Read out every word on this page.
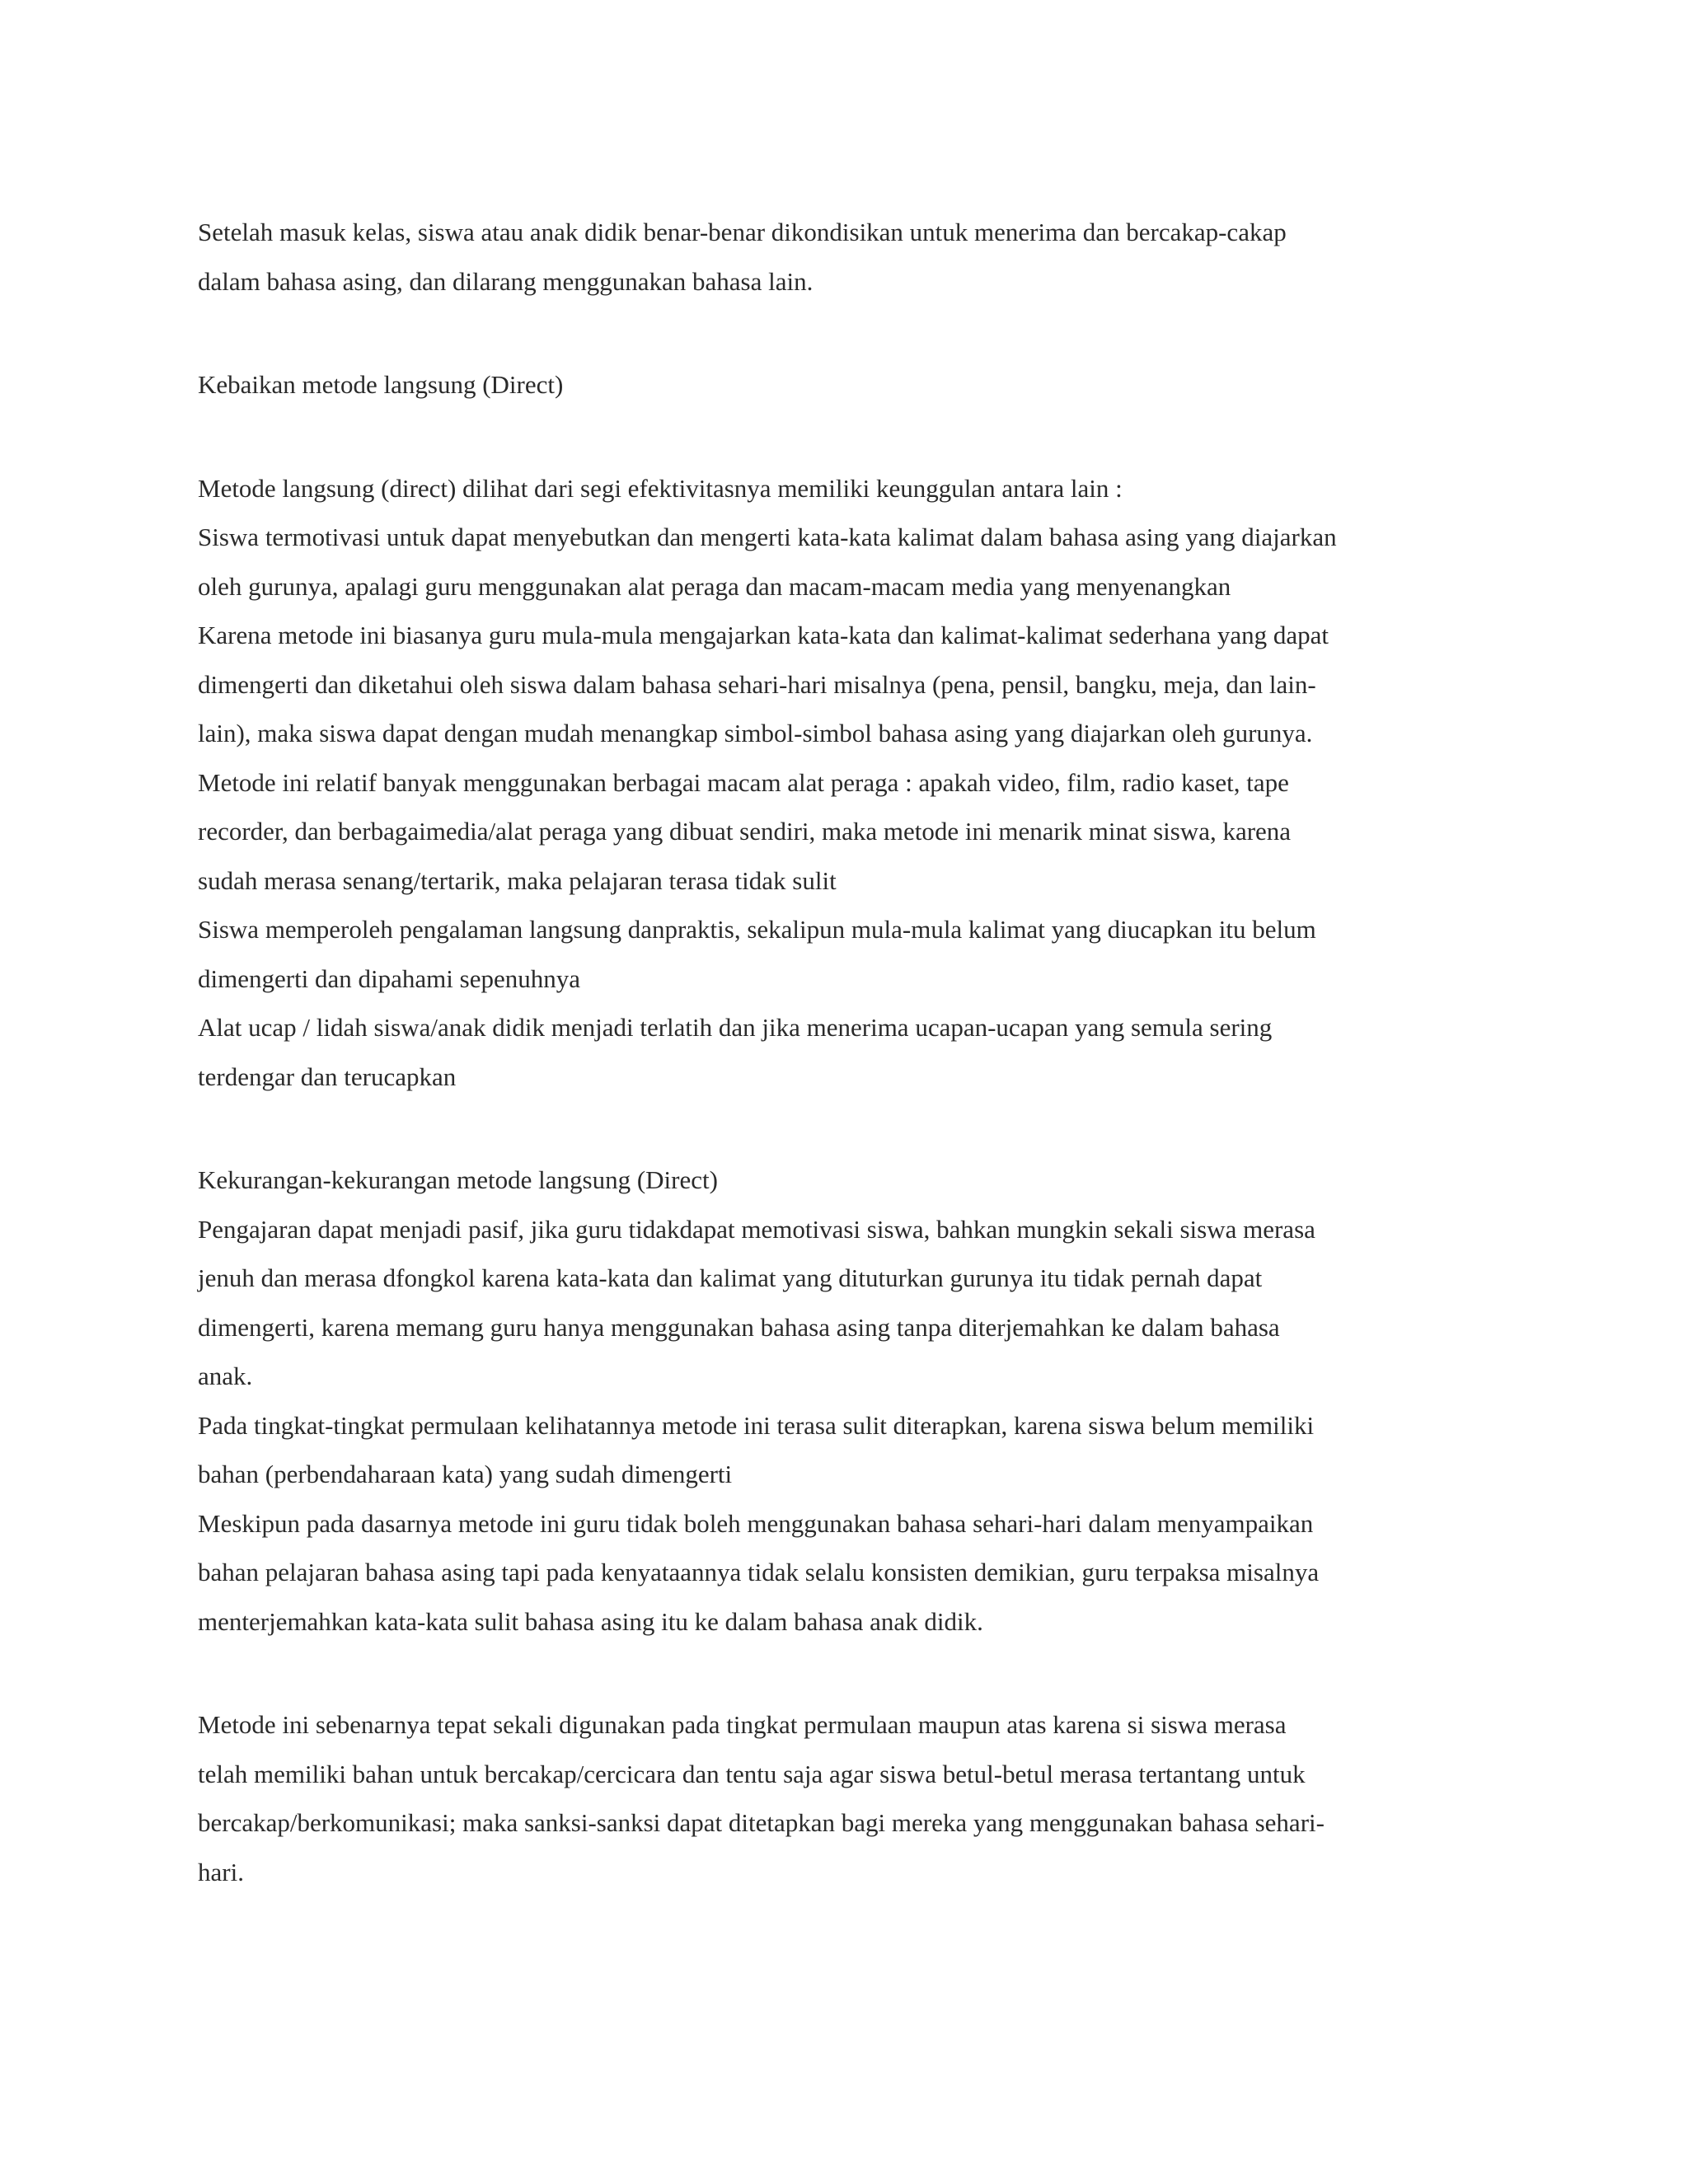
Setelah masuk kelas, siswa atau anak didik benar-benar dikondisikan untuk menerima dan bercakap-cakap
dalam bahasa asing, dan dilarang menggunakan bahasa lain.

Kebaikan metode langsung (Direct)

Metode langsung (direct) dilihat dari segi efektivitasnya memiliki keunggulan antara lain :
Siswa termotivasi untuk dapat menyebutkan dan mengerti kata-kata kalimat dalam bahasa asing yang diajarkan
oleh gurunya, apalagi guru menggunakan alat peraga dan macam-macam media yang menyenangkan
Karena metode ini biasanya guru mula-mula mengajarkan kata-kata dan kalimat-kalimat sederhana yang dapat
dimengerti dan diketahui oleh siswa dalam bahasa sehari-hari misalnya (pena, pensil, bangku, meja, dan lain-
lain), maka siswa dapat dengan mudah menangkap simbol-simbol bahasa asing yang diajarkan oleh gurunya.
Metode ini relatif banyak menggunakan berbagai macam alat peraga : apakah video, film, radio kaset, tape
recorder, dan berbagaimedia/alat peraga yang dibuat sendiri, maka metode ini menarik minat siswa, karena
sudah merasa senang/tertarik, maka pelajaran terasa tidak sulit
Siswa memperoleh pengalaman langsung danpraktis, sekalipun mula-mula kalimat yang diucapkan itu belum
dimengerti dan dipahami sepenuhnya
Alat ucap / lidah siswa/anak didik menjadi terlatih dan jika menerima ucapan-ucapan yang semula sering
terdengar dan terucapkan

Kekurangan-kekurangan metode langsung (Direct)
Pengajaran dapat menjadi pasif, jika guru tidakdapat memotivasi siswa, bahkan mungkin sekali siswa merasa
jenuh dan merasa dfongkol karena kata-kata dan kalimat yang dituturkan gurunya itu tidak pernah dapat
dimengerti, karena memang guru hanya menggunakan bahasa asing tanpa diterjemahkan ke dalam bahasa
anak.
Pada tingkat-tingkat permulaan kelihatannya metode ini terasa sulit diterapkan, karena siswa belum memiliki
bahan (perbendaharaan kata) yang sudah dimengerti
Meskipun pada dasarnya metode ini guru tidak boleh menggunakan bahasa sehari-hari dalam menyampaikan
bahan pelajaran bahasa asing tapi pada kenyataannya tidak selalu konsisten demikian, guru terpaksa misalnya
menterjemahkan kata-kata sulit bahasa asing itu ke dalam bahasa anak didik.

Metode ini sebenarnya tepat sekali digunakan pada tingkat permulaan maupun atas karena si siswa merasa
telah memiliki bahan untuk bercakap/cercicara dan tentu saja agar siswa betul-betul merasa tertantang untuk
bercakap/berkomunikasi; maka sanksi-sanksi dapat ditetapkan bagi mereka yang menggunakan bahasa sehari-
hari.
